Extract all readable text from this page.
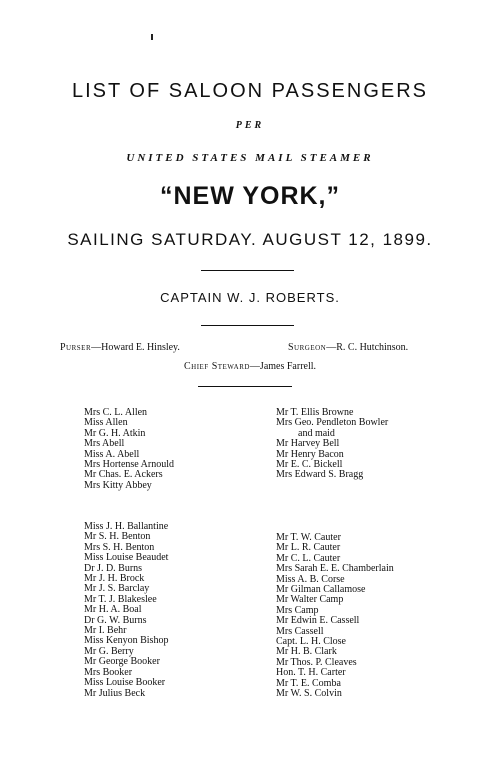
LIST OF SALOON PASSENGERS
PER
UNITED STATES MAIL STEAMER
“NEW YORK,”
SAILING SATURDAY. AUGUST 12, 1899.
CAPTAIN W. J. ROBERTS.
Purser—Howard E. Hinsley.	Surgeon—R. C. Hutchinson.
Chief Steward—James Farrell.
Mrs C. L. Allen
Miss Allen
Mr G. H. Atkin
Mrs Abell
Miss A. Abell
Mrs Hortense Arnould
Mr Chas. E. Ackers
Mrs Kitty Abbey
Mr T. Ellis Browne
Mrs Geo. Pendleton Bowler
and maid
Mr Harvey Bell
Mr Henry Bacon
Mr E. C. Bickell
Mrs Edward S. Bragg
Miss J. H. Ballantine
Mr S. H. Benton
Mrs S. H. Benton
Miss Louise Beaudet
Dr J. D. Burns
Mr J. H. Brock
Mr J. S. Barclay
Mr T. J. Blakeslee
Mr H. A. Boal
Dr G. W. Burns
Mr I. Behr
Miss Kenyon Bishop
Mr G. Berry
Mr George Booker
Mrs Booker
Miss Louise Booker
Mr Julius Beck
Mr T. W. Cauter
Mr L. R. Cauter
Mr C. L. Cauter
Mrs Sarah E. E. Chamberlain
Miss A. B. Corse
Mr Gilman Callamose
Mr Walter Camp
Mrs Camp
Mr Edwin E. Cassell
Mrs Cassell
Capt. L. H. Close
Mr H. B. Clark
Mr Thos. P. Cleaves
Hon. T. H. Carter
Mr T. E. Comba
Mr W. S. Colvin
